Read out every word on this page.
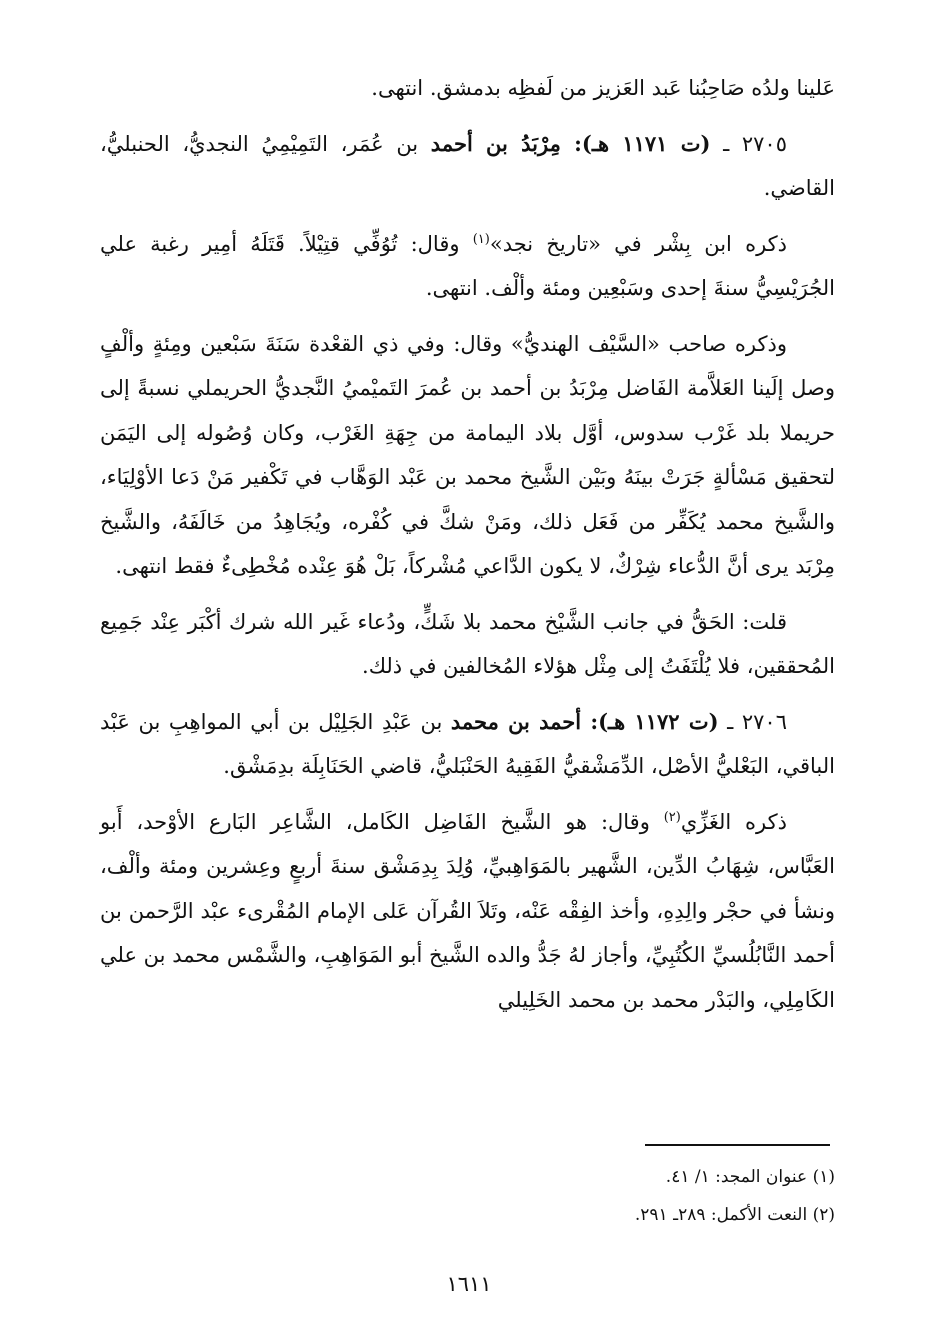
عَلينا ولدُه صَاحِبُنا عَبد العَزيز من لَفظِه بدمشق. انتهى.

٢٧٠٥ ـ (ت ١١٧١ هـ): مِرْبَدُ بن أحمد بن عُمَر، التَمِيْمِيُ النجديُّ، الحنبليُّ، القاضي.

ذكره ابن بِشْر في «تاريخ نجد»$^{(١)}$ وقال: تُوُفِّي قتِيْلاً. قَتَلَهُ أمِير رغبة علي الجُرَيْسِيُّ سنةَ إحدى وسَبْعِين ومئة وألْف. انتهى.

وذكره صاحب «السَّيْف الهنديُّ» وقال: وفي ذي القعْدة سَنَةَ سَبْعين ومِئةٍ وألْفٍ وصل إلَينا العَلاَّمة الفَاضل مِرْبَدُ بن أحمد بن عُمرَ التَميْميُ النَّجديُّ الحريملي نسبةً إلى حريملا بلد غَرْب سدوس، أوَّل بلاد اليمامة من جِهَةِ الغَرْب، وكان وُصُوله إلى اليَمَن لتحقيق مَسْألةٍ جَرَتْ بينَهُ وبَيْن الشَّيخ محمد بن عَبْد الوَهَّاب في تَكْفير مَنْ دَعا الأوْلِيَاء، والشَّيخ محمد يُكَفِّر من فَعَل ذلك، ومَنْ شكَّ في كُفْره، ويُجَاهِدُ من خَالَفَهُ، والشَّيخ مِرْبَد يرى أنَّ الدُّعاء شِرْكٌ، لا يكون الدَّاعي مُشْركاً، بَلْ هُوَ عِنْده مُخْطِىءٌ فقط انتهى.

قلت: الحَقُّ في جانب الشَّيْخ محمد بلا شَكٍّ، ودُعاء غَير الله شرك أكْبَر عِنْد جَمِيع المُحققين، فلا يُلْتَفَتُ إلى مِثْل هؤلاء المُخالفين في ذلك.

٢٧٠٦ ـ (ت ١١٧٢ هـ): أحمد بن محمد بن عَبْدِ الجَلِيْل بن أبي المواهِبِ بن عَبْد الباقي، البَعْليُّ الأصْل، الدِّمَشْقيُّ الفَقِيهُ الحَنْبَليُّ، قاضي الحَنَابِلَة بدِمَشْق.

ذكره الغَزِّي$^{(٢)}$ وقال: هو الشَّيخ الفَاضِل الكَامل، الشَّاعِر البَارع الأوْحد، أَبو العَبَّاس، شِهَابُ الدِّين، الشَّهير بالمَوَاهِبيِّ، وُلِدَ بِدِمَشْق سنةَ أربعٍ وعِشرين ومئة وألْف، ونشأ في حجْر والِدِهِ، وأخذ الفِقْه عَنْه، وتَلاَ القُرآن عَلى الإمام المُقْرىء عبْد الرَّحمن بن أحمد النَّابُلُسيِّ الكُتُبِيِّ، وأجاز لهُ جَدُّ والده الشَّيخ أبو المَوَاهِبِ، والشَّمْس محمد بن علي الكَامِلِي، والبَدْر محمد بن محمد الخَلِيلي

(١) عنوان المجد: ١/ ٤١.

(٢) النعت الأكمل: ٢٨٩ـ ٢٩١.

١٦١١
